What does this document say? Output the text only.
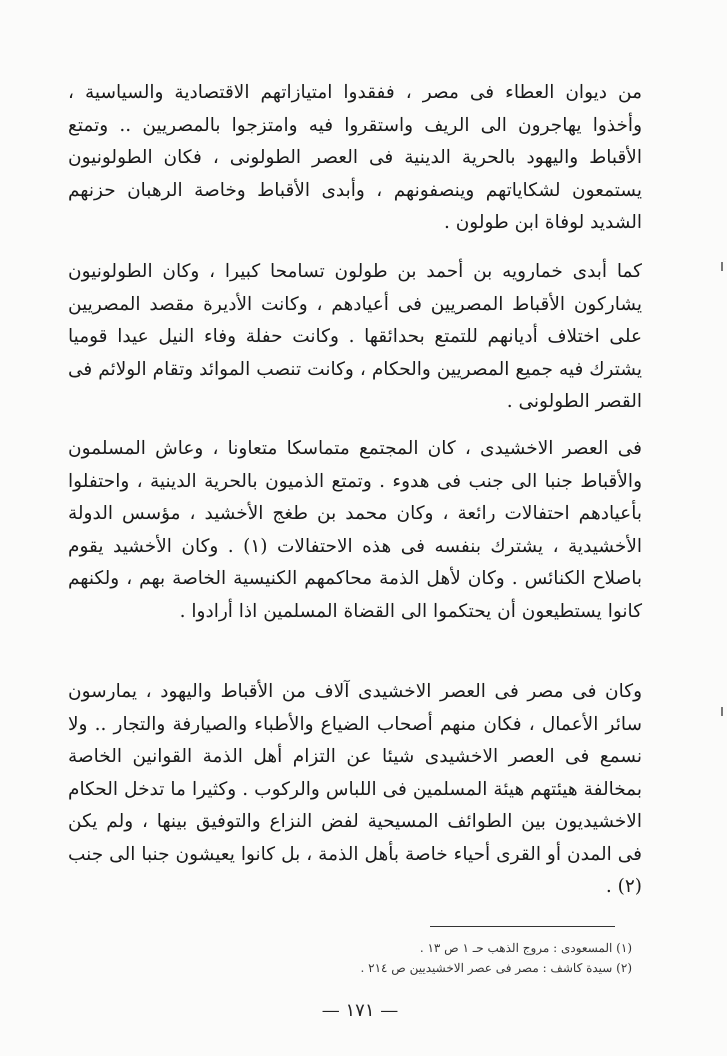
من ديوان العطاء فى مصر ، ففقدوا امتيازاتهم الاقتصادية والسياسية ، وأخذوا يهاجرون الى الريف واستقروا فيه وامتزجوا بالمصريين .. وتمتع الأقباط واليهود بالحرية الدينية فى العصر الطولونى ، فكان الطولونيون يستمعون لشكاياتهم وينصفونهم ، وأبدى الأقباط وخاصة الرهبان حزنهم الشديد لوفاة ابن طولون .

كما أبدى خمارويه بن أحمد بن طولون تسامحا كبيرا ، وكان الطولونيون يشاركون الأقباط المصريين فى أعيادهم ، وكانت الأديرة مقصد المصريين على اختلاف أديانهم للتمتع بحدائقها . وكانت حفلة وفاء النيل عيدا قوميا يشترك فيه جميع المصريين والحكام ، وكانت تنصب الموائد وتقام الولائم فى القصر الطولونى .

فى العصر الاخشيدى ، كان المجتمع متماسكا متعاونا ، وعاش المسلمون والأقباط جنبا الى جنب فى هدوء . وتمتع الذميون بالحرية الدينية ، واحتفلوا بأعيادهم احتفالات رائعة ، وكان محمد بن طغج الأخشيد ، مؤسس الدولة الأخشيدية ، يشترك بنفسه فى هذه الاحتفالات (١) . وكان الأخشيد يقوم باصلاح الكنائس . وكان لأهل الذمة محاكمهم الكنيسية الخاصة بهم ، ولكنهم كانوا يستطيعون أن يحتكموا الى القضاة المسلمين اذا أرادوا .

وكان فى مصر فى العصر الاخشيدى آلاف من الأقباط واليهود ، يمارسون سائر الأعمال ، فكان منهم أصحاب الضياع والأطباء والصيارفة والتجار .. ولا نسمع فى العصر الاخشيدى شيئا عن التزام أهل الذمة القوانين الخاصة بمخالفة هيئتهم هيئة المسلمين فى اللباس والركوب . وكثيرا ما تدخل الحكام الاخشيديون بين الطوائف المسيحية لفض النزاع والتوفيق بينها ، ولم يكن فى المدن أو القرى أحياء خاصة بأهل الذمة ، بل كانوا يعيشون جنبا الى جنب (٢) .

(١) المسعودى : مروج الذهب حـ ١ ص ١٣ .
(٢) سيدة كاشف : مصر فى عصر الاخشيديين ص ٢١٤ .
— ١٧١ —
